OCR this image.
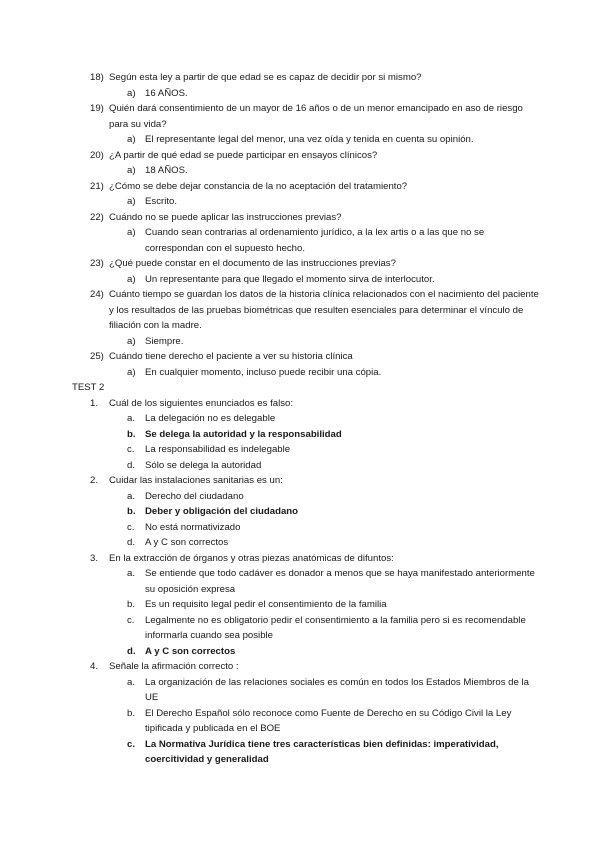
18) Según esta ley a partir de que edad se es capaz de decidir por si mismo?
a) 16 AÑOS.
19) Quién dará consentimiento de un mayor de 16 años o de un menor emancipado en aso de riesgo para su vida?
a) El representante legal del menor, una vez oída y tenida en cuenta su opinión.
20) ¿A partir de qué edad se puede participar en ensayos clínicos?
a) 18 AÑOS.
21) ¿Cómo se debe dejar constancia de la no aceptación del tratamiento?
a) Escrito.
22) Cuándo no se puede aplicar las instrucciones previas?
a) Cuando sean contrarias al ordenamiento jurídico, a la lex artis o a las que no se correspondan con el supuesto hecho.
23) ¿Qué puede constar en el documento de las instrucciones previas?
a) Un representante para que llegado el momento sirva de interlocutor.
24) Cuánto tiempo se guardan los datos de la historia clínica relacionados con el nacimiento del paciente y los resultados de las pruebas biométricas que resulten esenciales para determinar el vínculo de filiación con la madre.
a) Siempre.
25) Cuándo tiene derecho el paciente a ver su historia clínica
a) En cualquier momento, incluso puede recibir una cópia.
TEST 2
1. Cuál de los siguientes enunciados es falso:
a. La delegación no es delegable
b. Se delega la autoridad y la responsabilidad
c. La responsabilidad es indelegable
d. Sólo se delega la autoridad
2. Cuidar las instalaciones sanitarias es un:
a. Derecho del ciudadano
b. Deber y obligación del ciudadano
c. No está normativizado
d. A y C son correctos
3. En la extracción de órganos y otras piezas anatómicas de difuntos:
a. Se entiende que todo cadáver es donador a menos que se haya manifestado anteriormente su oposición expresa
b. Es un requisito legal pedir el consentimiento de la familia
c. Legalmente no es obligatorio pedir el consentimiento a la familia pero si es recomendable informarla cuando sea posible
d. A y C son correctos
4. Señale la afirmación correcto :
a. La organización de las relaciones sociales es común en todos los Estados Miembros de la UE
b. El Derecho Español sólo reconoce como Fuente de Derecho en su Código Civil la Ley tipificada y publicada en el BOE
c. La Normativa Jurídica tiene tres características bien definidas: imperatividad, coercitividad y generalidad
